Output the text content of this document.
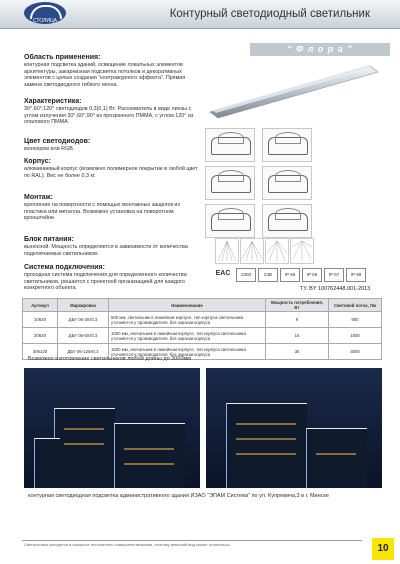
СТОЛИЦА
Контурный светодиодный светильник
“ Ф л о р а ”
Область применения:
контурная подсветка зданий, освещение локальных элементов архитектуры, закарнизная подсветка потолков и декоративных элементов с целью создания “контражурного эффекта”. Прямая замена светодиодного гибкого неона.
Характеристика:
30°,60°,120° светодиодов 0,3(0,1) Вт. Рассеиватель в виде линзы с углом излучения 30°,60°,90° из прозрачного ПММА, с углом 120° из опалового ПММА.
Цвет светодиодов:
монохром или RGB.
Корпус:
алюминиевый корпус (возможно полимерное покрытие в любой цвет по RAL). Вес не более 0,3 кг.
Монтаж:
крепление на поверхности с помощью монтажных защелок из пластика или металла. Возможно установка на поворотном кронштейне.
Блок питания:
выносной. Мощность определяется в зависимости от количества подключаемых светильников.
Система подключения:
проходная система подключения для определенного количества светильников, решается с проектной организацией для каждого конкретного объекта.
EAC	2300	24В	IP 65	IP 66	IP 67	IP 68
ТУ. BY 100762448.001-2013
Артикул	Маркировка	Наименование	Мощность потребления, Вт	Световой поток, Лм
10630	ДБУ 06-30х0,3	500 мм, светильник в линейном корпусе, тип корпуса светильника уточняется у производителя, без окраски корпуса	9	900
20630	ДБУ 06-60х0,3	1000 мм, светильник в линейном корпусе, тип корпуса светильника уточняется у производителя, без окраски корпуса	15	1500
306120	ДБУ 06-120х0,3	1500 мм, светильник в линейном корпусе, тип корпуса светильника уточняется у производителя, без окраски корпуса	35	3500
Возможно изготовление светильников любой длины до 3000мм
контурная светодиодная подсветка административного здания ИЗАО “ЭПАМ Системз” по ул. Купревича,3 в г. Минске
Светильники находятся в процессе постоянного совершенствования, поэтому внешний вид может отличаться	10
